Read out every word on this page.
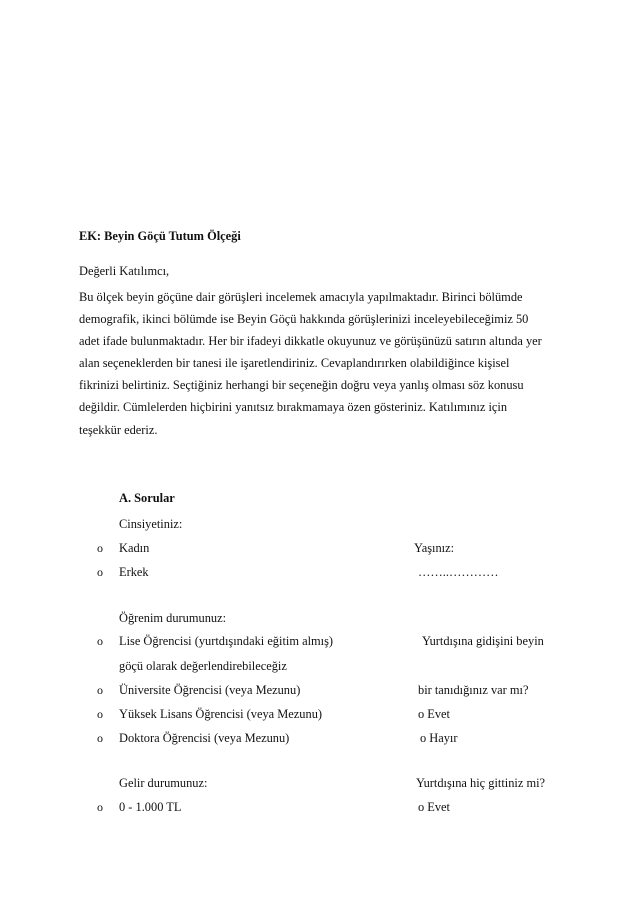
EK: Beyin Göçü Tutum Ölçeği
Değerli Katılımcı,
Bu ölçek beyin göçüne dair görüşleri incelemek amacıyla yapılmaktadır. Birinci bölümde
demografik, ikinci bölümde ise Beyin Göçü hakkında görüşlerinizi inceleyebileceğimiz 50
adet ifade bulunmaktadır. Her bir ifadeyi dikkatle okuyunuz ve görüşünüzü satırın altında yer
alan seçeneklerden bir tanesi ile işaretlendiriniz. Cevaplandırırken olabildiğince kişisel
fikrinizi belirtiniz. Seçtiğiniz herhangi bir seçeneğin doğru veya yanlış olması söz konusu
değildir. Cümlelerden hiçbirini yanıtsız bırakmamaya özen gösteriniz. Katılımınız için
teşekkür ederiz.
A. Sorular
Cinsiyetiniz:
o Kadın
o Erkek
Yaşınız:
……..…………
Öğrenim durumunuz:
o Lise Öğrencisi (yurtdışındaki eğitim almış)
göçü olarak değerlendirebileceğiz
o Üniversite Öğrencisi (veya Mezunu)
o Yüksek Lisans Öğrencisi (veya Mezunu)
o Doktora Öğrencisi (veya Mezunu)
Yurtdışına gidişini beyin
bir tanıdığınız var mı?
o Evet
o Hayır
Gelir durumunuz:
o 0 - 1.000 TL
Yurtdışına hiç gittiniz mi?
o Evet
